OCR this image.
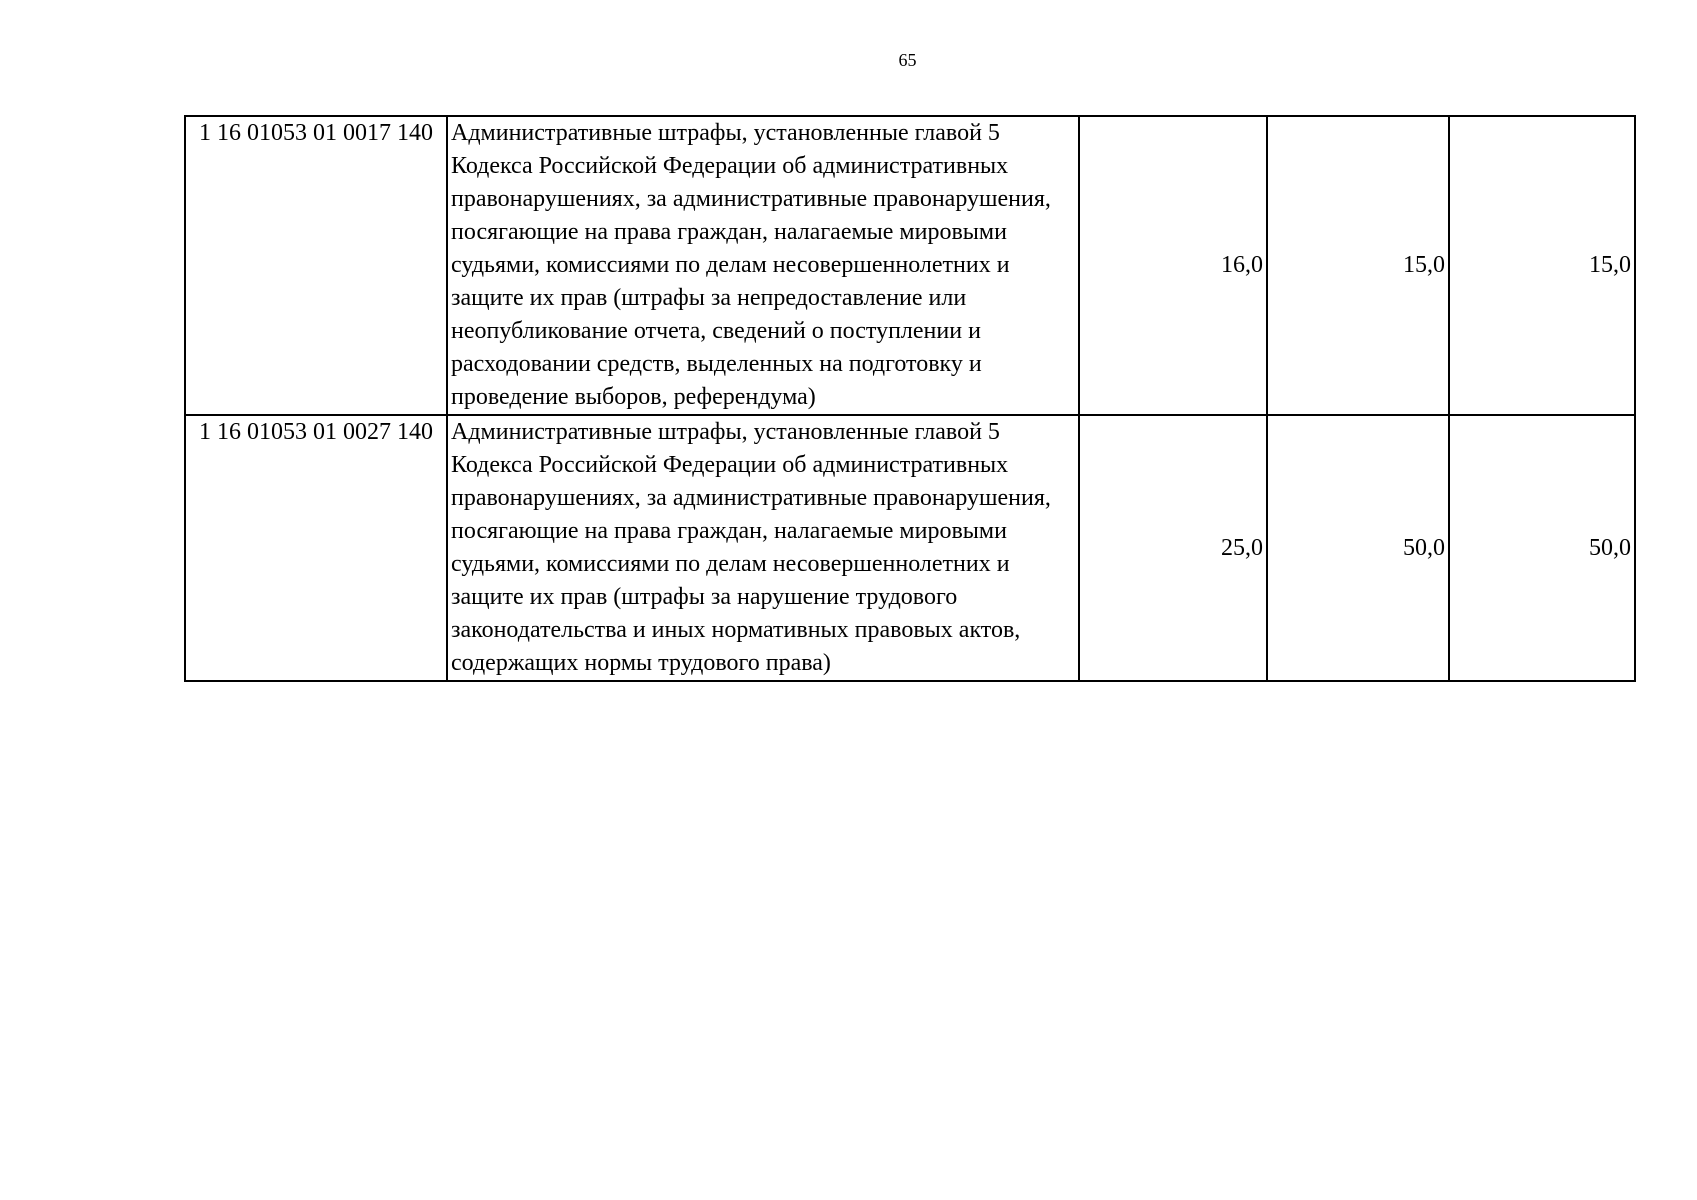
65
1 16 01053 01 0017 140	Административные штрафы, установленные главой 5 Кодекса Российской Федерации об административных правонарушениях, за административные правонарушения, посягающие на права граждан, налагаемые мировыми судьями, комиссиями по делам несовершеннолетних и защите их прав (штрафы за непредоставление или неопубликование отчета, сведений о поступлении и расходовании средств, выделенных на подготовку и проведение выборов, референдума)	16,0	15,0	15,0
1 16 01053 01 0027 140	Административные штрафы, установленные главой 5 Кодекса Российской Федерации об административных правонарушениях, за административные правонарушения, посягающие на права граждан, налагаемые мировыми судьями, комиссиями по делам несовершеннолетних и защите их прав (штрафы за нарушение трудового законодательства и иных нормативных правовых актов, содержащих нормы трудового права)	25,0	50,0	50,0
